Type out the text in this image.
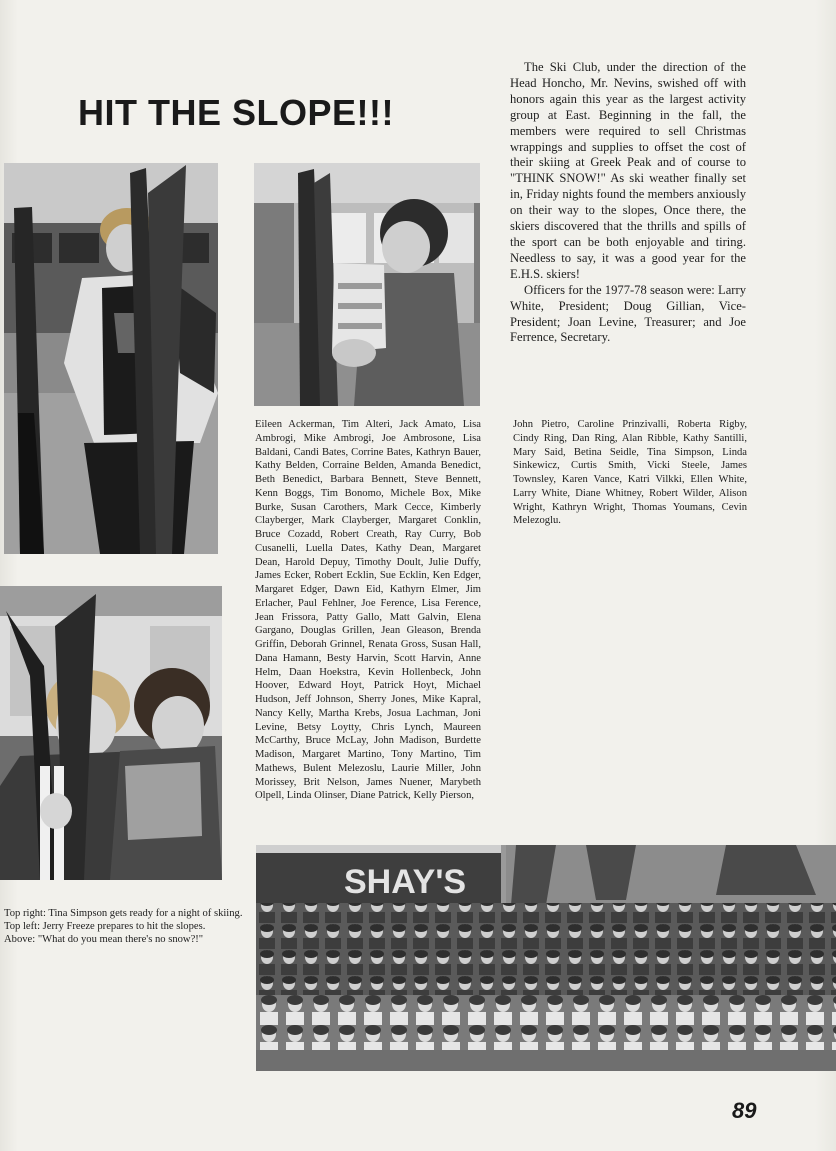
HIT THE SLOPE!!!

The Ski Club, under the direction of the Head Honcho, Mr. Nevins, swished off with honors again this year as the largest activity group at East. Beginning in the fall, the members were required to sell Christmas wrappings and supplies to offset the cost of their skiing at Greek Peak and of course to "THINK SNOW!" As ski weather finally set in, Friday nights found the members anxiously on their way to the slopes, Once there, the skiers discovered that the thrills and spills of the sport can be both enjoyable and tiring. Needless to say, it was a good year for the E.H.S. skiers!

Officers for the 1977-78 season were: Larry White, President; Doug Gillian, Vice-President; Joan Levine, Treasurer; and Joe Ferrence, Secretary.

Eileen Ackerman, Tim Alteri, Jack Amato, Lisa Ambrogi, Mike Ambrogi, Joe Ambrosone, Lisa Baldani, Candi Bates, Corrine Bates, Kathryn Bauer, Kathy Belden, Corraine Belden, Amanda Benedict, Beth Benedict, Barbara Bennett, Steve Bennett, Kenn Boggs, Tim Bonomo, Michele Box, Mike Burke, Susan Carothers, Mark Cecce, Kimberly Clayberger, Mark Clayberger, Margaret Conklin, Bruce Cozadd, Robert Creath, Ray Curry, Bob Cusanelli, Luella Dates, Kathy Dean, Margaret Dean, Harold Depuy, Timothy Doult, Julie Duffy, James Ecker, Robert Ecklin, Sue Ecklin, Ken Edger, Margaret Edger, Dawn Eid, Kathyrn Elmer, Jim Erlacher, Paul Fehlner, Joe Ference, Lisa Ference, Jean Frissora, Patty Gallo, Matt Galvin, Elena Gargano, Douglas Grillen, Jean Gleason, Brenda Griffin, Deborah Grinnel, Renata Gross, Susan Hall, Dana Hamann, Besty Harvin, Scott Harvin, Anne Helm, Daan Hoekstra, Kevin Hollenbeck, John Hoover, Edward Hoyt, Patrick Hoyt, Michael Hudson, Jeff Johnson, Sherry Jones, Mike Kapral, Nancy Kelly, Martha Krebs, Josua Lachman, Joni Levine, Betsy Loytty, Chris Lynch, Maureen McCarthy, Bruce McLay, John Madison, Burdette Madison, Margaret Martino, Tony Martino, Tim Mathews, Bulent Melezoslu, Laurie Miller, John Morissey, Brit Nelson, James Nuener, Marybeth Olpell, Linda Olinser, Diane Patrick, Kelly Pierson,
John Pietro, Caroline Prinzivalli, Roberta Rigby, Cindy Ring, Dan Ring, Alan Ribble, Kathy Santilli, Mary Said, Betina Seidle, Tina Simpson, Linda Sinkewicz, Curtis Smith, Vicki Steele, James Townsley, Karen Vance, Katri Vilkki, Ellen White, Larry White, Diane Whitney, Robert Wilder, Alison Wright, Kathryn Wright, Thomas Youmans, Cevin Melezoglu.
Top right: Tina Simpson gets ready for a night of skiing.
Top left: Jerry Freeze prepares to hit the slopes.
Above: "What do you mean there's no snow?!"
SHAY'S
89
